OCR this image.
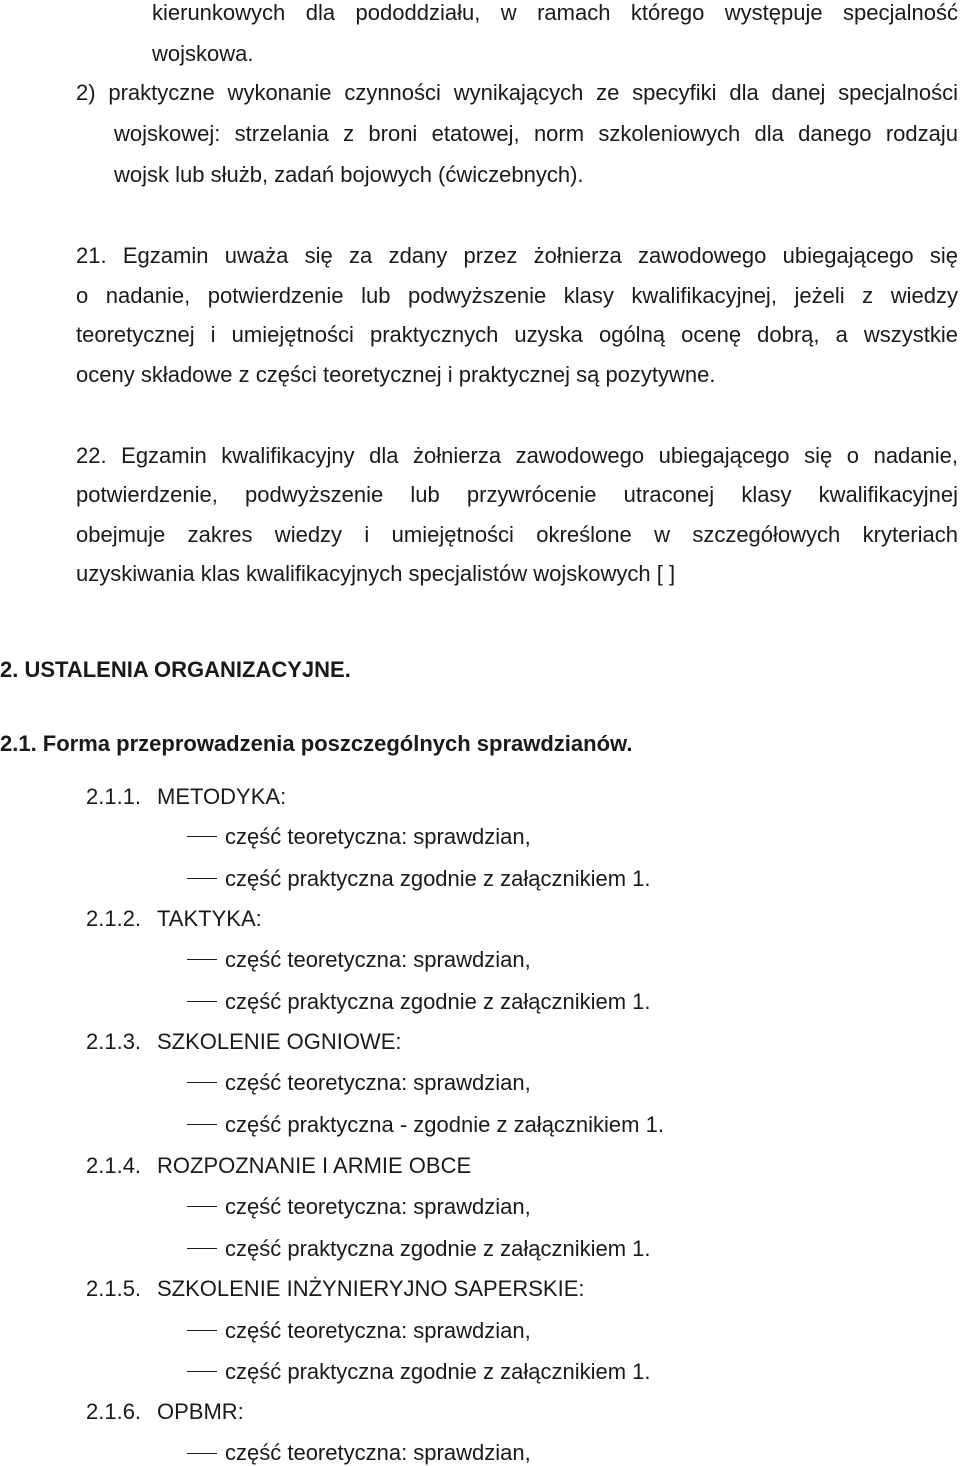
kierunkowych dla pododdziału, w ramach którego występuje specjalność
wojskowa.
2) praktyczne wykonanie czynności wynikających ze specyfiki dla danej specjalności
wojskowej: strzelania z broni etatowej, norm szkoleniowych dla danego rodzaju
wojsk lub służb, zadań bojowych (ćwiczebnych).
21. Egzamin uważa się za zdany przez żołnierza zawodowego ubiegającego się
o nadanie, potwierdzenie lub podwyższenie klasy kwalifikacyjnej, jeżeli z wiedzy
teoretycznej i umiejętności praktycznych uzyska ogólną ocenę dobrą, a wszystkie
oceny składowe z części teoretycznej i praktycznej są pozytywne.
22. Egzamin kwalifikacyjny dla żołnierza zawodowego ubiegającego się o nadanie,
potwierdzenie, podwyższenie lub przywrócenie utraconej klasy kwalifikacyjnej
obejmuje zakres wiedzy i umiejętności określone w szczegółowych kryteriach
uzyskiwania klas kwalifikacyjnych specjalistów wojskowych [ ]
2. USTALENIA ORGANIZACYJNE.
2.1. Forma przeprowadzenia poszczególnych sprawdzianów.
2.1.1. METODYKA:
część teoretyczna: sprawdzian,
część praktyczna zgodnie z załącznikiem 1.
2.1.2. TAKTYKA:
część teoretyczna: sprawdzian,
część praktyczna zgodnie z załącznikiem 1.
2.1.3. SZKOLENIE OGNIOWE:
część teoretyczna: sprawdzian,
część praktyczna - zgodnie z załącznikiem 1.
2.1.4. ROZPOZNANIE I ARMIE OBCE
część teoretyczna: sprawdzian,
część praktyczna zgodnie z załącznikiem 1.
2.1.5. SZKOLENIE INŻYNIERYJNO SAPERSKIE:
część teoretyczna: sprawdzian,
część praktyczna zgodnie z załącznikiem 1.
2.1.6. OPBMR:
część teoretyczna: sprawdzian,
